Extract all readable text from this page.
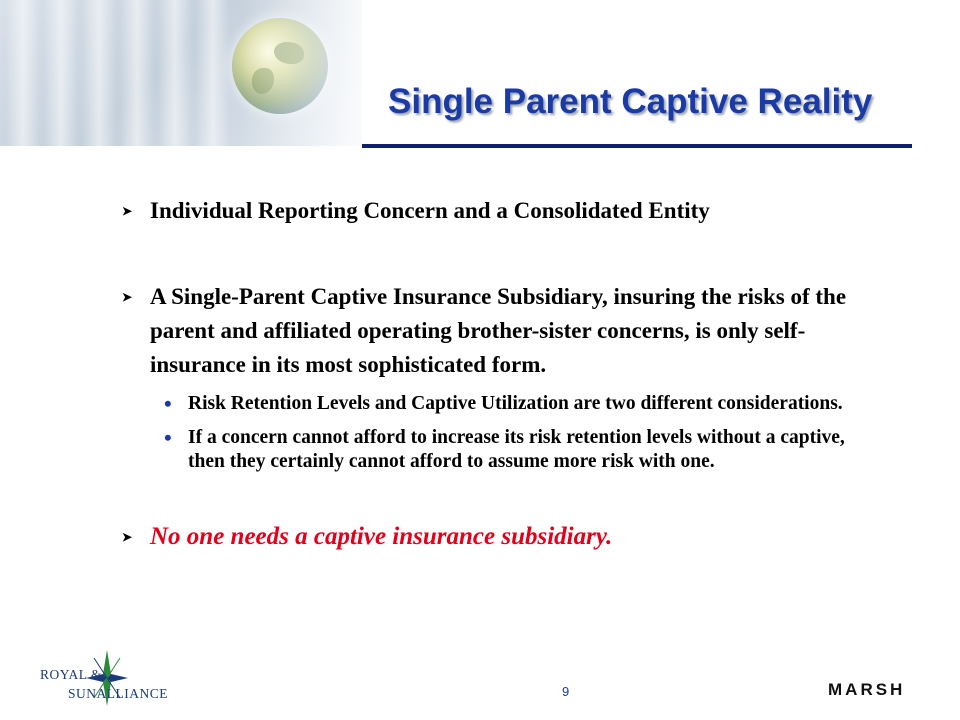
Single Parent Captive Reality
➤ Individual Reporting Concern and a Consolidated Entity
➤ A Single-Parent Captive Insurance Subsidiary, insuring the risks of the parent and affiliated operating brother-sister concerns, is only self-insurance in its most sophisticated form.
• Risk Retention Levels and Captive Utilization are two different considerations.
• If a concern cannot afford to increase its risk retention levels without a captive, then they certainly cannot afford to assume more risk with one.
➤ No one needs a captive insurance subsidiary.
ROYAL &
SUNALLIANCE	9	MARSH
